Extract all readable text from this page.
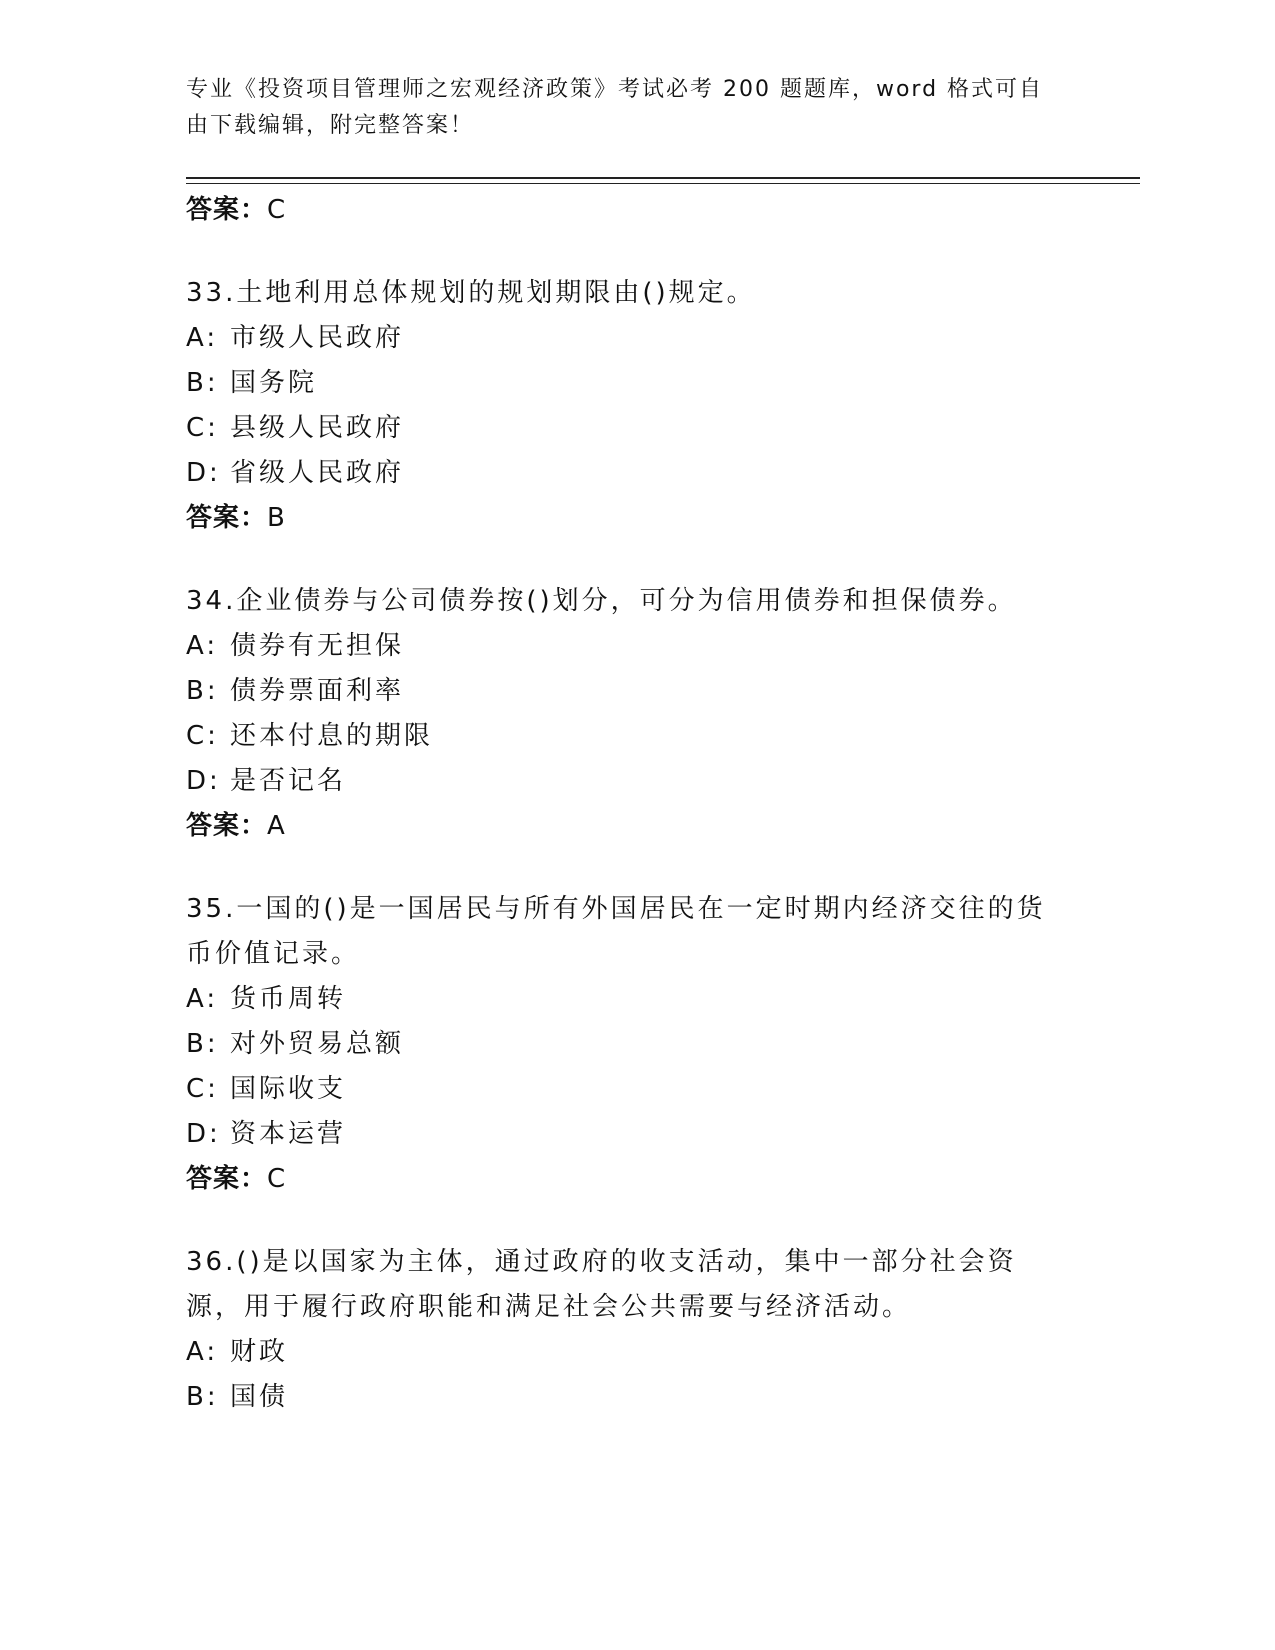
专业《投资项目管理师之宏观经济政策》考试必考 200 题题库，word 格式可自由下载编辑，附完整答案！
答案：C
33.土地利用总体规划的规划期限由()规定。
A: 市级人民政府
B: 国务院
C: 县级人民政府
D: 省级人民政府
答案：B
34.企业债券与公司债券按()划分，可分为信用债券和担保债券。
A: 债券有无担保
B: 债券票面利率
C: 还本付息的期限
D: 是否记名
答案：A
35.一国的()是一国居民与所有外国居民在一定时期内经济交往的货币价值记录。
A: 货币周转
B: 对外贸易总额
C: 国际收支
D: 资本运营
答案：C
36.()是以国家为主体，通过政府的收支活动，集中一部分社会资源，用于履行政府职能和满足社会公共需要与经济活动。
A: 财政
B: 国债
